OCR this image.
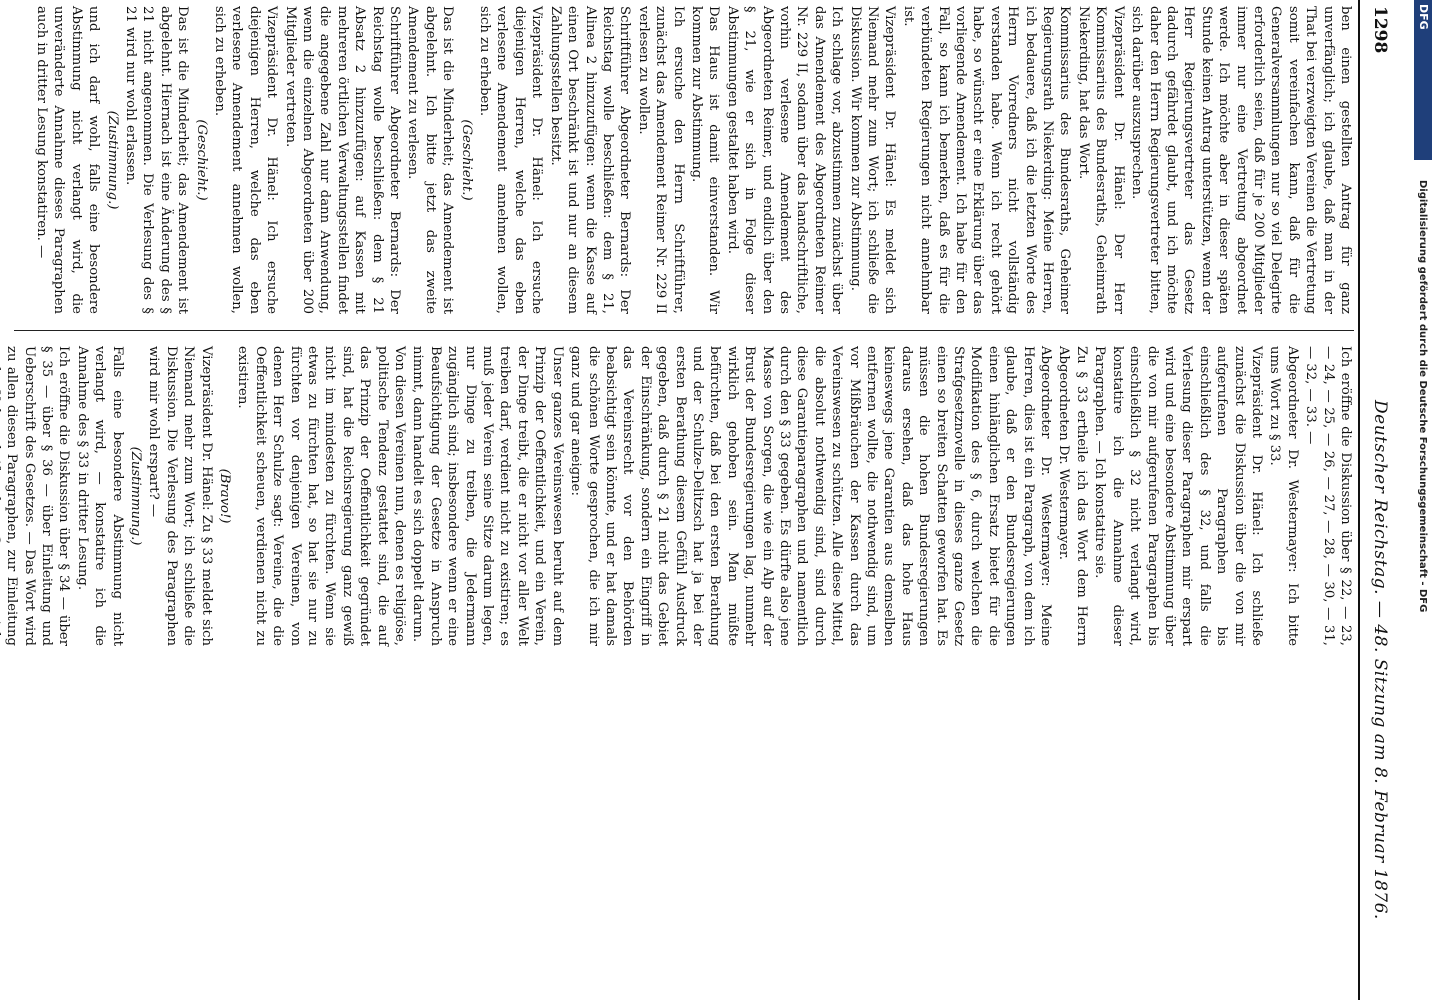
1298
Deutscher Reichstag. — 48. Sitzung am 8. Februar 1876.

ben einen gestellten Antrag für ganz unverfänglich; ich glaube, daß man in der That bei verzweigten Vereinen die Vertretung somit vereinfachen kann, daß für die Generalversammlungen nur so viel Delegirte erforderlich seien, daß für je 200 Mitglieder immer nur eine Vertretung abgeordnet werde. Ich möchte aber in dieser späten Stunde keinen Antrag unterstützen, wenn der Herr Regierungsvertreter das Gesetz dadurch gefährdet glaubt, und ich möchte daher den Herrn Regierungsvertreter bitten, sich darüber auszusprechen.

Vizepräsident Dr. Hänel: Der Herr Kommissarius des Bundesraths, Geheimrath Niekerding, hat das Wort.

Kommissarius des Bundesraths, Geheimer Regierungsrath Niekerding: Meine Herren, ich bedauere, daß ich die letzten Worte des Herrn Vorredners nicht vollständig verstanden habe. Wenn ich recht gehört habe, so wünscht er eine Erklärung über das vorliegende Amendement. Ich habe für den Fall, so kann ich bemerken, daß es für die verbündeten Regierungen nicht annehmbar ist.

Vizepräsident Dr. Hänel: Es meldet sich Niemand mehr zum Wort; ich schließe die Diskussion. Wir kommen zur Abstimmung.

Ich schlage vor, abzustimmen zunächst über das Amendement des Abgeordneten Reimer Nr. 229 II, sodann über das handschriftliche, vorhin verlesene Amendement des Abgeordneten Reimer, und endlich über den § 21, wie er sich in Folge dieser Abstimmungen gestaltet haben wird.

Das Haus ist damit einverstanden. Wir kommen zur Abstimmung.

Ich ersuche den Herrn Schriftführer, zunächst das Amendement Reimer Nr. 229 II verlesen zu wollen.

Schriftführer Abgeordneter Bernards: Der Reichstag wolle beschließen: dem § 21, Alinea 2 hinzuzufügen: wenn die Kasse auf einen Ort beschränkt ist und nur an diesem Zahlungsstellen besitzt.

Vizepräsident Dr. Hänel: Ich ersuche diejenigen Herren, welche das eben verlesene Amendement annehmen wollen, sich zu erheben.

(Geschieht.)

Das ist die Minderheit; das Amendement ist abgelehnt. Ich bitte jetzt das zweite Amendement zu verlesen.

Schriftführer Abgeordneter Bernards: Der Reichstag wolle beschließen: dem § 21 Absatz 2 hinzuzufügen: auf Kassen mit mehreren örtlichen Verwaltungsstellen findet die angegebene Zahl nur dann Anwendung, wenn die einzelnen Abgeordneten über 200 Mitglieder vertreten.

Vizepräsident Dr. Hänel: Ich ersuche diejenigen Herren, welche das eben verlesene Amendement annehmen wollen, sich zu erheben.

(Geschieht.)

Das ist die Minderheit; das Amendement ist abgelehnt. Hiernach ist eine Änderung des § 21 nicht angenommen. Die Verlesung des § 21 wird nur wohl erlassen.

(Zustimmung.)

und ich darf wohl, falls eine besondere Abstimmung nicht verlangt wird, die unveränderte Annahme dieses Paragraphen auch in dritter Lesung konstatiren. —

Ich eröffne die Diskussion über § 22, — 23, — 24, — 25, — 26, — 27, — 28, — 30, — 31, — 32, — 33. —

Abgeordneter Dr. Westermayer: Ich bitte ums Wort zu § 33.

Vizepräsident Dr. Hänel: Ich schließe zunächst die Diskussion über die von mir aufgerufenen Paragraphen bis einschließlich des § 32, und falls die Verlesung dieser Paragraphen mir erspart wird und eine besondere Abstimmung über die von mir aufgerufenen Paragraphen bis einschließlich § 32 nicht verlangt wird, konstatire ich die Annahme dieser Paragraphen. — Ich konstatire sie.

Zu § 33 ertheile ich das Wort dem Herrn Abgeordneten Dr. Westermayer.

Abgeordneter Dr. Westermayer: Meine Herren, dies ist ein Paragraph, von dem ich glaube, daß er den Bundesregierungen einen hinlänglichen Ersatz bietet für die Modifikation des § 6, durch welchen die Strafgesetznovelle in dieses ganze Gesetz einen so breiten Schatten geworfen hat. Es müssen die hohen Bundesregierungen daraus ersehen, daß das hohe Haus keineswegs jene Garantien aus demselben entfernen wollte, die nothwendig sind, um vor Mißbräuchen der Kassen durch das Vereinswesen zu schützen. Alle diese Mittel, die absolut nothwendig sind, sind durch diese Garantieparagraphen und namentlich durch den § 33 gegeben. Es dürfte also jene Masse von Sorgen, die wie ein Alp auf der Brust der Bundesregierungen lag, nunmehr wirklich gehoben sein. Man müßte befürchten, daß bei den ersten Berathung und der Schulze-Delitzsch hat ja bei der ersten Berathung diesem Gefühl Ausdruck gegeben, daß durch § 21 nicht das Gebiet der Einschränkung, sondern ein Eingriff in das Vereinsrecht vor den Behörden beabsichtigt sein könnte, und er hat damals die schönen Worte gesprochen, die ich mir ganz und gar aneigne:

Unser ganzes Vereinswesen beruht auf dem Prinzip der Oeffentlichkeit, und ein Verein, der Dinge treibt, die er nicht vor aller Welt treiben darf, verdient nicht zu existiren; es muß jeder Verein seine Sitze darum legen, nur Dinge zu treiben, die Jedermann zugänglich sind; insbesondere wenn er eine Beaufsichtigung der Gesetze in Anspruch nimmt, dann handelt es sich doppelt darum.

Von diesen Vereinen nun, denen es religiöse, politische Tendenz gestattet sind, die auf das Prinzip der Oeffentlichkeit gegründet sind, hat die Reichsregierung ganz gewiß nicht im mindesten zu fürchten. Wenn sie etwas zu fürchten hat, so hat sie nur zu fürchten vor denjenigen Vereinen, von denen Herr Schulze sagt: Vereine, die die Oeffentlichkeit scheuen, verdienen nicht zu existiren.

(Bravo!)

Vizepräsident Dr. Hänel: Zu § 33 meldet sich Niemand mehr zum Wort; ich schließe die Diskussion. Die Verlesung des Paragraphen wird mir wohl erspart? —

(Zustimmung.)

Falls eine besondere Abstimmung nicht verlangt wird, — konstatire ich die Annahme des § 33 in dritter Lesung.

Ich eröffne die Diskussion über § 34 — über § 35 — über § 36 — über Einleitung und Ueberschrift des Gesetzes. — Das Wort wird zu allen diesen Paragraphen, zur Einleitung

DFG
Digitalisierung gefördert durch die Deutsche Forschungsgemeinschaft - DFG
